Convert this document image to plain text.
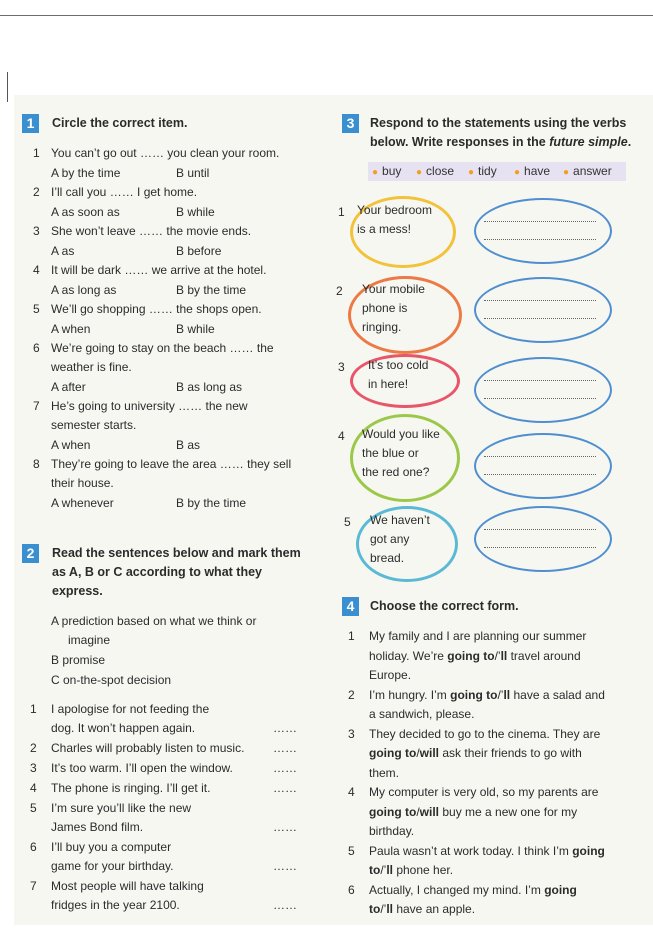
1	Circle the correct item.
1 You can’t go out …… you clean your room.
A by the time	B until
2 I’ll call you …… I get home.
A as soon as	B while
3 She won’t leave …… the movie ends.
A as	B before
4 It will be dark …… we arrive at the hotel.
A as long as	B by the time
5 We’ll go shopping …… the shops open.
A when	B while
6 We’re going to stay on the beach …… the
weather is fine.
A after	B as long as
7 He’s going to university …… the new
semester starts.
A when	B as
8 They’re going to leave the area …… they sell
their house.
A whenever	B by the time
2	Read the sentences below and mark them
as A, B or C according to what they
express.
A prediction based on what we think or
imagine
B promise
C on-the-spot decision
1 I apologise for not feeding the
dog. It won’t happen again.	……
2 Charles will probably listen to music. ……
3 It’s too warm. I’ll open the window.	……
4 The phone is ringing. I’ll get it.	……
5 I’m sure you’ll like the new
James Bond film.	……
6 I’ll buy you a computer
game for your birthday.	……
7 Most people will have talking
fridges in the year 2100.	……
3	Respond to the statements using the verbs
below. Write responses in the future simple.
● buy ● close ● tidy ● have ● answer
1 Your bedroom
is a mess!
2 Your mobile
phone is
ringing.
3 It’s too cold
in here!
4 Would you like
the blue or
the red one?
5 We haven’t
got any
bread.
4	Choose the correct form.
1 My family and I are planning our summer
holiday. We’re going to/’ll travel around
Europe.
2 I’m hungry. I’m going to/’ll have a salad and
a sandwich, please.
3 They decided to go to the cinema. They are
going to/will ask their friends to go with
them.
4 My computer is very old, so my parents are
going to/will buy me a new one for my
birthday.
5 Paula wasn’t at work today. I think I’m going
to/’ll phone her.
6 Actually, I changed my mind. I’m going
to/’ll have an apple.
